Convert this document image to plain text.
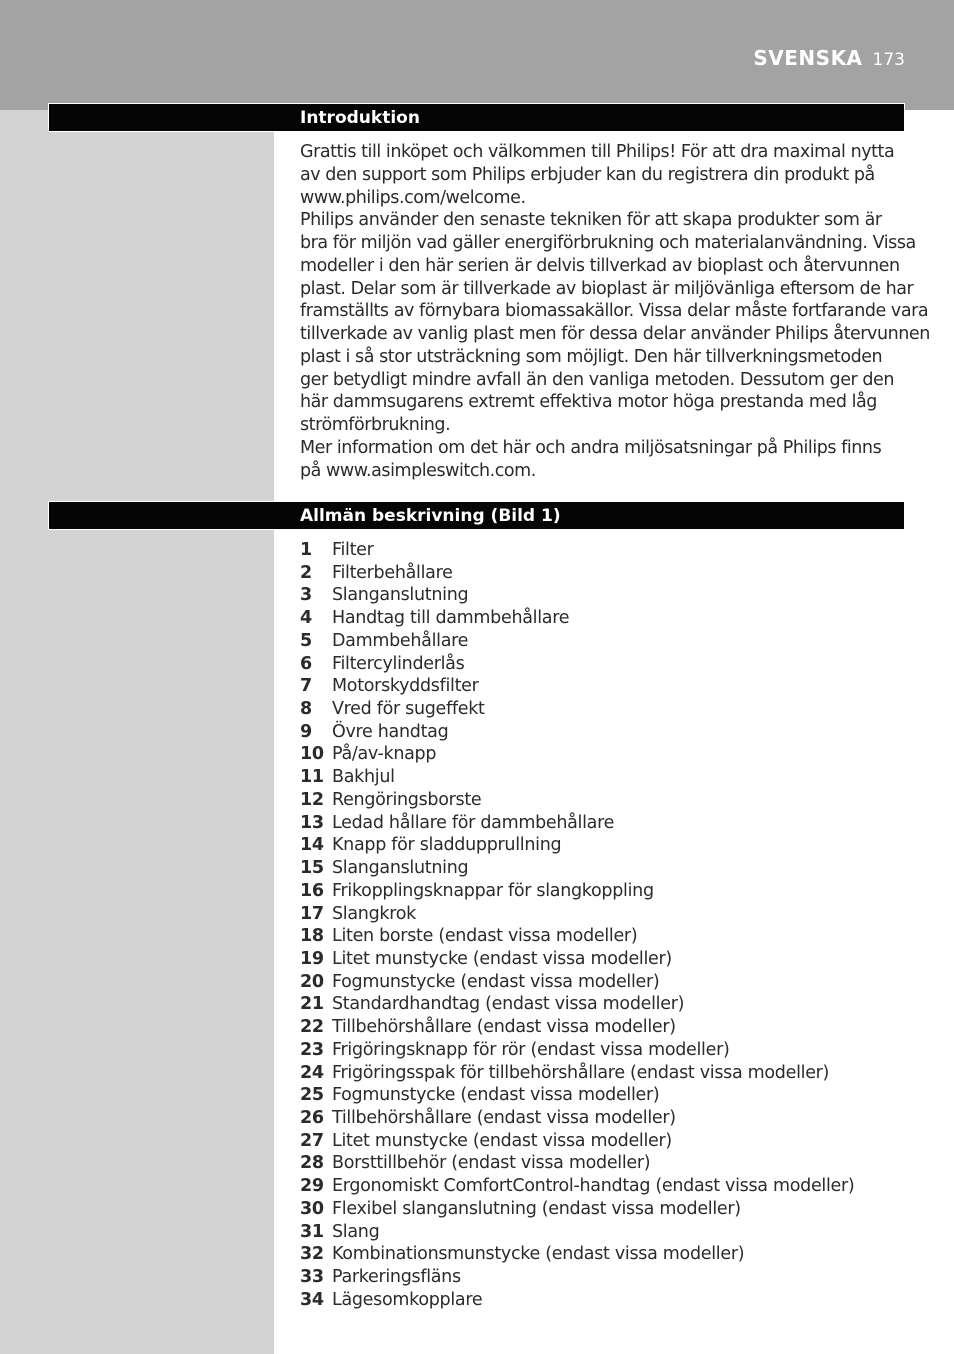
SVENSKA 173
Introduktion

Grattis till inköpet och välkommen till Philips! För att dra maximal nytta

av den support som Philips erbjuder kan du registrera din produkt på

www.philips.com/welcome.

Philips använder den senaste tekniken för att skapa produkter som är

bra för miljön vad gäller energiförbrukning och materialanvändning. Vissa

modeller i den här serien är delvis tillverkad av bioplast och återvunnen

plast. Delar som är tillverkade av bioplast är miljövänliga eftersom de har

framställts av förnybara biomassakällor. Vissa delar måste fortfarande vara

tillverkade av vanlig plast men för dessa delar använder Philips återvunnen

plast i så stor utsträckning som möjligt. Den här tillverkningsmetoden

ger betydligt mindre avfall än den vanliga metoden. Dessutom ger den

här dammsugarens extremt effektiva motor höga prestanda med låg

strömförbrukning.

Mer information om det här och andra miljösatsningar på Philips finns

på www.asimpleswitch.com.

Allmän beskrivning (Bild 1)
1 Filter
2 Filterbehållare
3 Slanganslutning
4 Handtag till dammbehållare
5 Dammbehållare
6 Filtercylinderlås
7 Motorskyddsfilter
8 Vred för sugeffekt
9 Övre handtag
10 På/av-knapp
11 Bakhjul
12 Rengöringsborste
13 Ledad hållare för dammbehållare
14 Knapp för sladdupprullning
15 Slanganslutning
16 Frikopplingsknappar för slangkoppling
17 Slangkrok
18 Liten borste (endast vissa modeller)
19 Litet munstycke (endast vissa modeller)
20 Fogmunstycke (endast vissa modeller)
21 Standardhandtag (endast vissa modeller)
22 Tillbehörshållare (endast vissa modeller)
23 Frigöringsknapp för rör (endast vissa modeller)
24 Frigöringsspak för tillbehörshållare (endast vissa modeller)
25 Fogmunstycke (endast vissa modeller)
26 Tillbehörshållare (endast vissa modeller)
27 Litet munstycke (endast vissa modeller)
28 Borsttillbehör (endast vissa modeller)
29 Ergonomiskt ComfortControl-handtag (endast vissa modeller)
30 Flexibel slanganslutning (endast vissa modeller)
31 Slang
32 Kombinationsmunstycke (endast vissa modeller)
33 Parkeringsfläns
34 Lägesomkopplare
